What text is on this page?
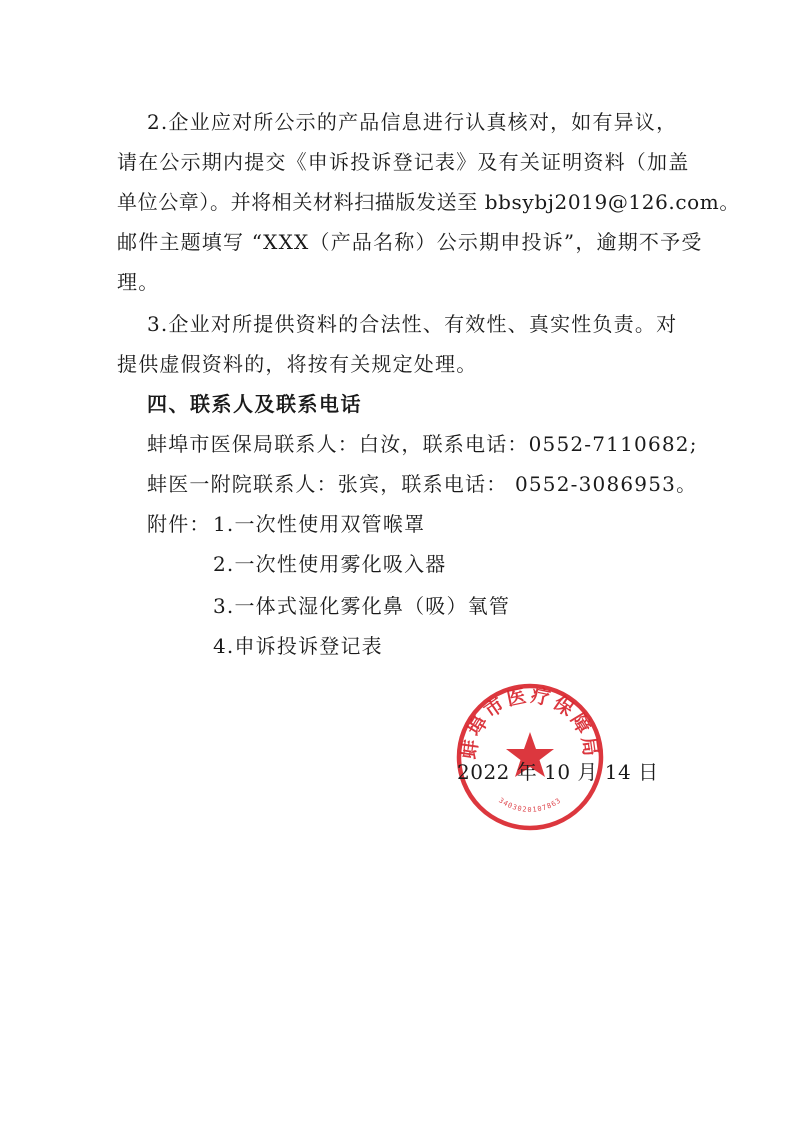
2.企业应对所公示的产品信息进行认真核对，如有异议，
请在公示期内提交《申诉投诉登记表》及有关证明资料（加盖
单位公章）。并将相关材料扫描版发送至 bbsybj2019@126.com。
邮件主题填写 “XXX（产品名称）公示期申投诉”，逾期不予受
理。
3.企业对所提供资料的合法性、有效性、真实性负责。对
提供虚假资料的，将按有关规定处理。
四、联系人及联系电话
蚌埠市医保局联系人：白汝，联系电话：0552-7110682;
蚌医一附院联系人：张宾，联系电话： 0552-3086953。
附件： 1.一次性使用双管喉罩
2.一次性使用雾化吸入器
3.一体式湿化雾化鼻（吸）氧管
4.申诉投诉登记表
蚌埠市医疗保障局
3403020107863
2022 年 10 月 14 日
